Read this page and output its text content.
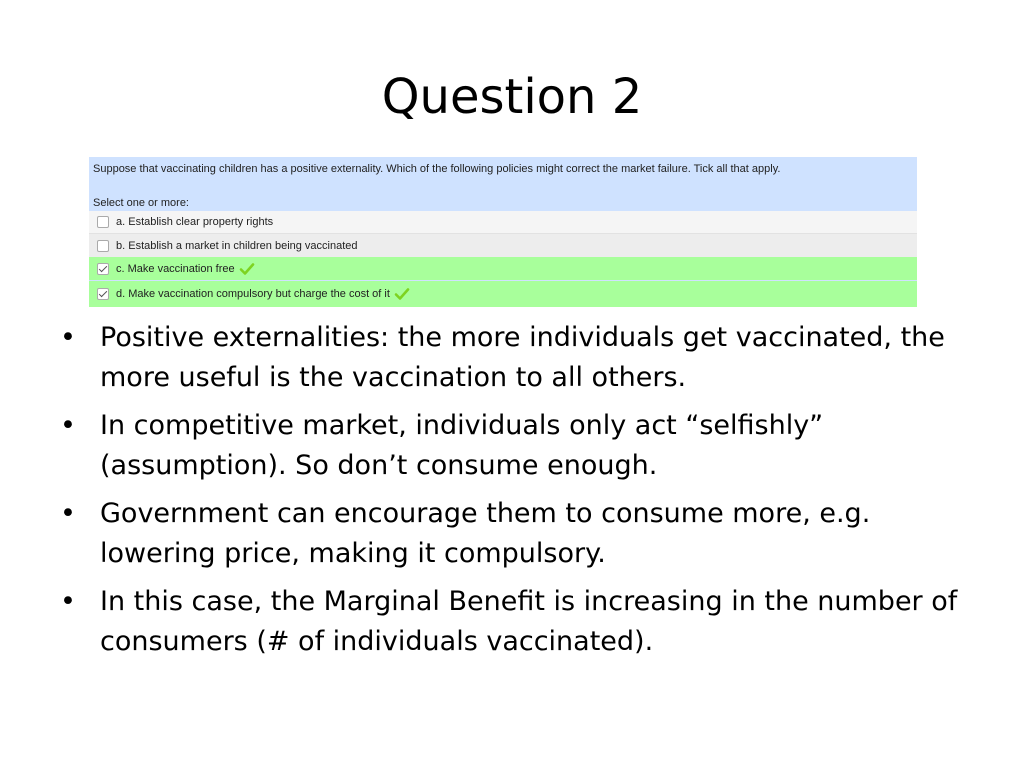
Question 2
Suppose that vaccinating children has a positive externality. Which of the following policies might correct the market failure. Tick all that apply.
Select one or more:
a. Establish clear property rights
b. Establish a market in children being vaccinated
c. Make vaccination free
d. Make vaccination compulsory but charge the cost of it
• Positive externalities: the more individuals get vaccinated, the more useful is the vaccination to all others.
• In competitive market, individuals only act “selfishly” (assumption). So don’t consume enough.
• Government can encourage them to consume more, e.g. lowering price, making it compulsory.
• In this case, the Marginal Benefit is increasing in the number of consumers (# of individuals vaccinated).
